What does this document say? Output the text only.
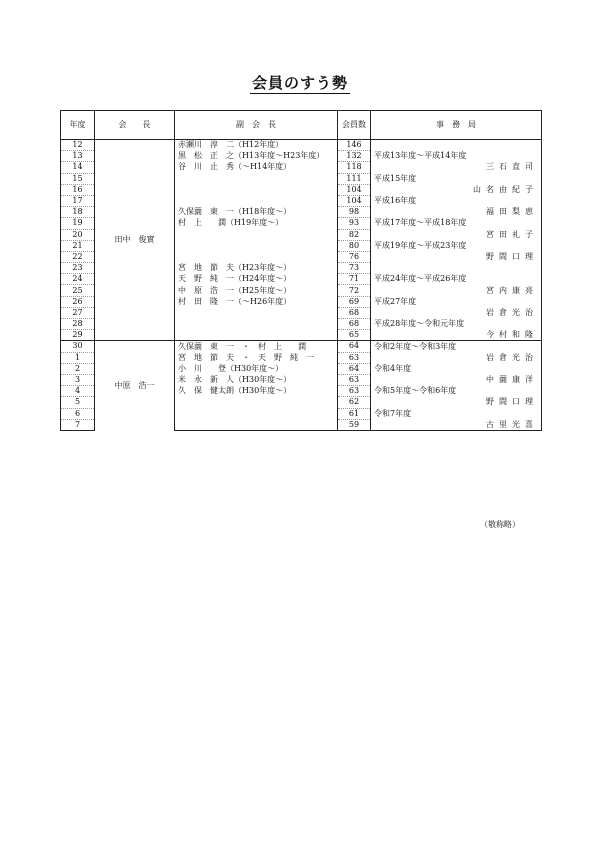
会員のすう勢
年度	会　　長	副　会　長	会員数	事　務　局
12	田中　俊實	赤瀬川　淳　二（H12年度）	146	
13		黒　松　正　之（H13年度〜H23年度）	132	平成13年度〜平成14年度
14		谷　川　止　秀（〜H14年度）	118	三石直司
15			111	平成15年度
16			104	山名由紀子
17			104	平成16年度
18		久保薗　東　一（H18年度〜）	98	福田梨恵
19		村　上　　潤（H19年度〜）	93	平成17年度〜平成18年度
20			82	宮田礼子
21			80	平成19年度〜平成23年度
22			76	野間口理
23		宮　地　節　夫（H23年度〜）	73	
24		天　野　純　一（H24年度〜）	71	平成24年度〜平成26年度
25		中　原　浩　一（H25年度〜）	72	宮内康亮
26		村　田　隆　一（〜H26年度）	69	平成27年度
27			68	岩倉光治
28			68	平成28年度〜令和元年度
29			65	今村和隆
30	中原　浩一	久保薗　東　一　・　村　上　　潤	64	令和2年度〜令和3年度
1		宮　地　節　夫　・　天　野　純　一	63	岩倉光治
2		小　川　　登（H30年度〜）	64	令和4年度
3		米　永　新　人（H30年度〜）	63	中薗康洋
4		久　保　健太朗（H30年度〜）	63	令和5年度〜令和6年度
5			62	野間口理
6			61	令和7年度
7			59	古里光喜
（敬称略）
